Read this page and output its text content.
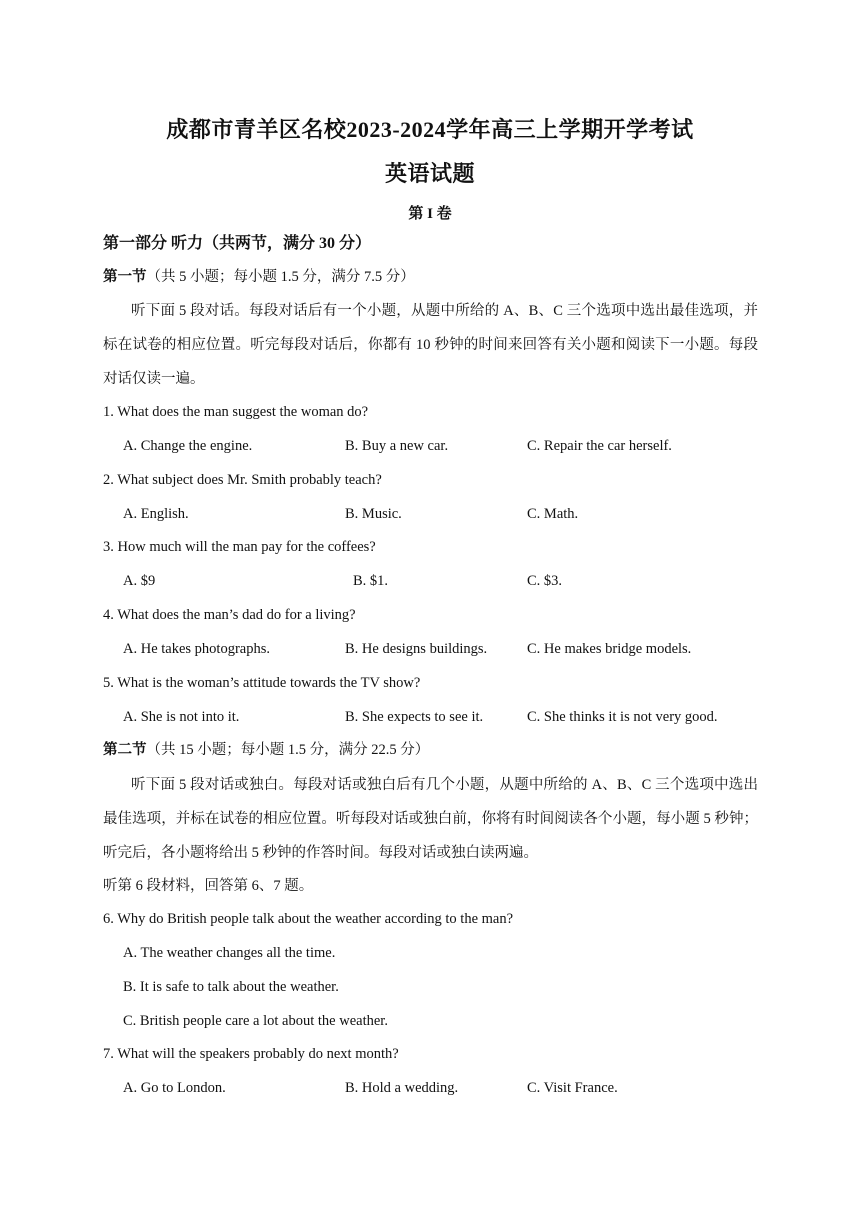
成都市青羊区名校2023-2024学年高三上学期开学考试
英语试题
第 I 卷
第一部分 听力（共两节，满分 30 分）
第一节（共 5 小题；每小题 1.5 分，满分 7.5 分）
听下面 5 段对话。每段对话后有一个小题，从题中所给的 A、B、C 三个选项中选出最佳选项，并标在试卷的相应位置。听完每段对话后，你都有 10 秒钟的时间来回答有关小题和阅读下一小题。每段对话仅读一遍。
1. What does the man suggest the woman do?
A. Change the engine.	B. Buy a new car.	C. Repair the car herself.
2. What subject does Mr. Smith probably teach?
A. English.	B. Music.	C. Math.
3. How much will the man pay for the coffees?
A. $9	B. $1.	C. $3.
4. What does the man’s dad do for a living?
A. He takes photographs.	B. He designs buildings.	C. He makes bridge models.
5. What is the woman’s attitude towards the TV show?
A. She is not into it.	B. She expects to see it.	C. She thinks it is not very good.
第二节（共 15 小题；每小题 1.5 分，满分 22.5 分）
听下面 5 段对话或独白。每段对话或独白后有几个小题，从题中所给的 A、B、C 三个选项中选出最佳选项，并标在试卷的相应位置。听每段对话或独白前，你将有时间阅读各个小题，每小题 5 秒钟；听完后，各小题将给出 5 秒钟的作答时间。每段对话或独白读两遍。
听第 6 段材料，回答第 6、7 题。
6. Why do British people talk about the weather according to the man?
A. The weather changes all the time.
B. It is safe to talk about the weather.
C. British people care a lot about the weather.
7. What will the speakers probably do next month?
A. Go to London.	B. Hold a wedding.	C. Visit France.
